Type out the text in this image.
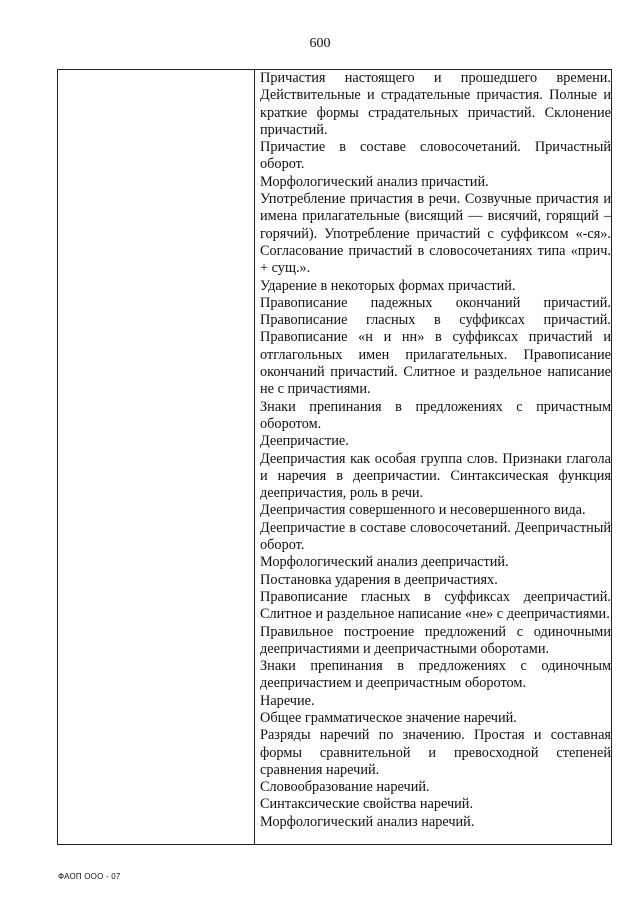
600

Причастия настоящего и прошедшего времени. Действительные и страдательные причастия. Полные и краткие формы страдательных причастий. Склонение причастий.

Причастие в составе словосочетаний. Причастный оборот.

Морфологический анализ причастий.

Употребление причастия в речи. Созвучные причастия и имена прилагательные (висящий — висячий, горящий – горячий). Употребление причастий с суффиксом «-ся». Согласование причастий в словосочетаниях типа «прич. + сущ.».

Ударение в некоторых формах причастий.

Правописание падежных окончаний причастий. Правописание гласных в суффиксах причастий. Правописание «н и нн» в суффиксах причастий и отглагольных имен прилагательных. Правописание окончаний причастий. Слитное и раздельное написание не с причастиями.

Знаки препинания в предложениях с причастным оборотом.

Деепричастие.

Деепричастия как особая группа слов. Признаки глагола и наречия в деепричастии. Синтаксическая функция деепричастия, роль в речи.

Деепричастия совершенного и несовершенного вида.

Деепричастие в составе словосочетаний. Деепричастный оборот.

Морфологический анализ деепричастий.

Постановка ударения в деепричастиях.

Правописание гласных в суффиксах деепричастий. Слитное и раздельное написание «не» с деепричастиями.

Правильное построение предложений с одиночными деепричастиями и деепричастными оборотами.

Знаки препинания в предложениях с одиночным деепричастием и деепричастным оборотом.

Наречие.

Общее грамматическое значение наречий.

Разряды наречий по значению. Простая и составная формы сравнительной и превосходной степеней сравнения наречий.

Словообразование наречий.

Синтаксические свойства наречий.

Морфологический анализ наречий.

ФАОП ООО - 07
